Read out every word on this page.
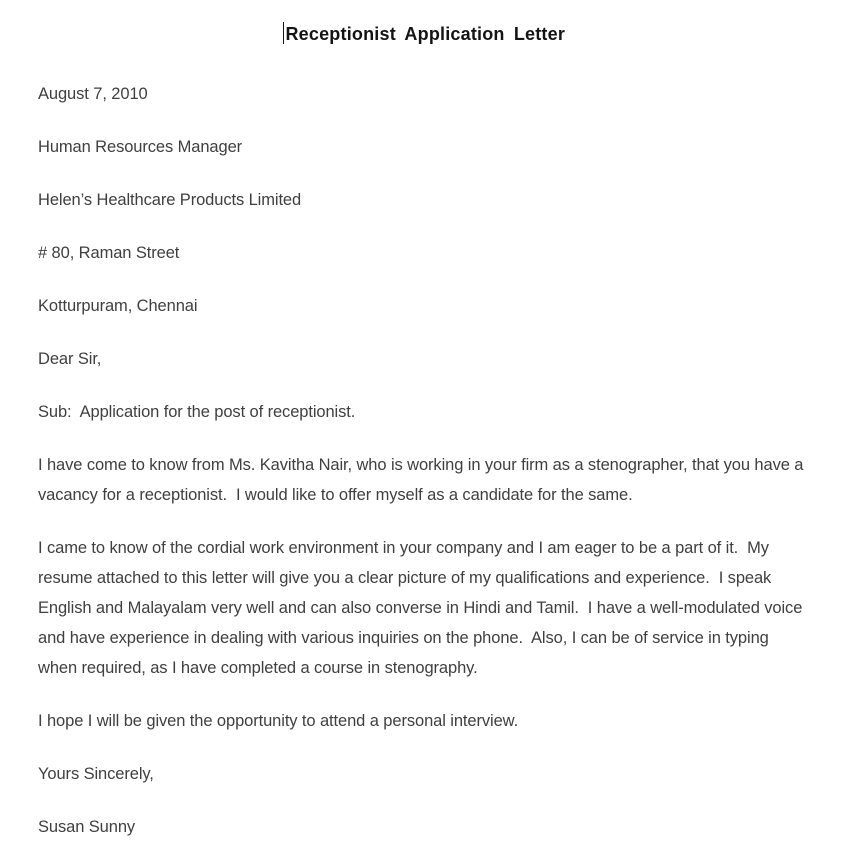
Receptionist Application Letter
August 7, 2010
Human Resources Manager
Helen’s Healthcare Products Limited
# 80, Raman Street
Kotturpuram, Chennai
Dear Sir,
Sub:  Application for the post of receptionist.

I have come to know from Ms. Kavitha Nair, who is working in your firm as a stenographer, that you have a vacancy for a receptionist.  I would like to offer myself as a candidate for the same.

I came to know of the cordial work environment in your company and I am eager to be a part of it.  My resume attached to this letter will give you a clear picture of my qualifications and experience.  I speak English and Malayalam very well and can also converse in Hindi and Tamil.  I have a well-modulated voice and have experience in dealing with various inquiries on the phone.  Also, I can be of service in typing when required, as I have completed a course in stenography.

I hope I will be given the opportunity to attend a personal interview.

Yours Sincerely,
Susan Sunny
